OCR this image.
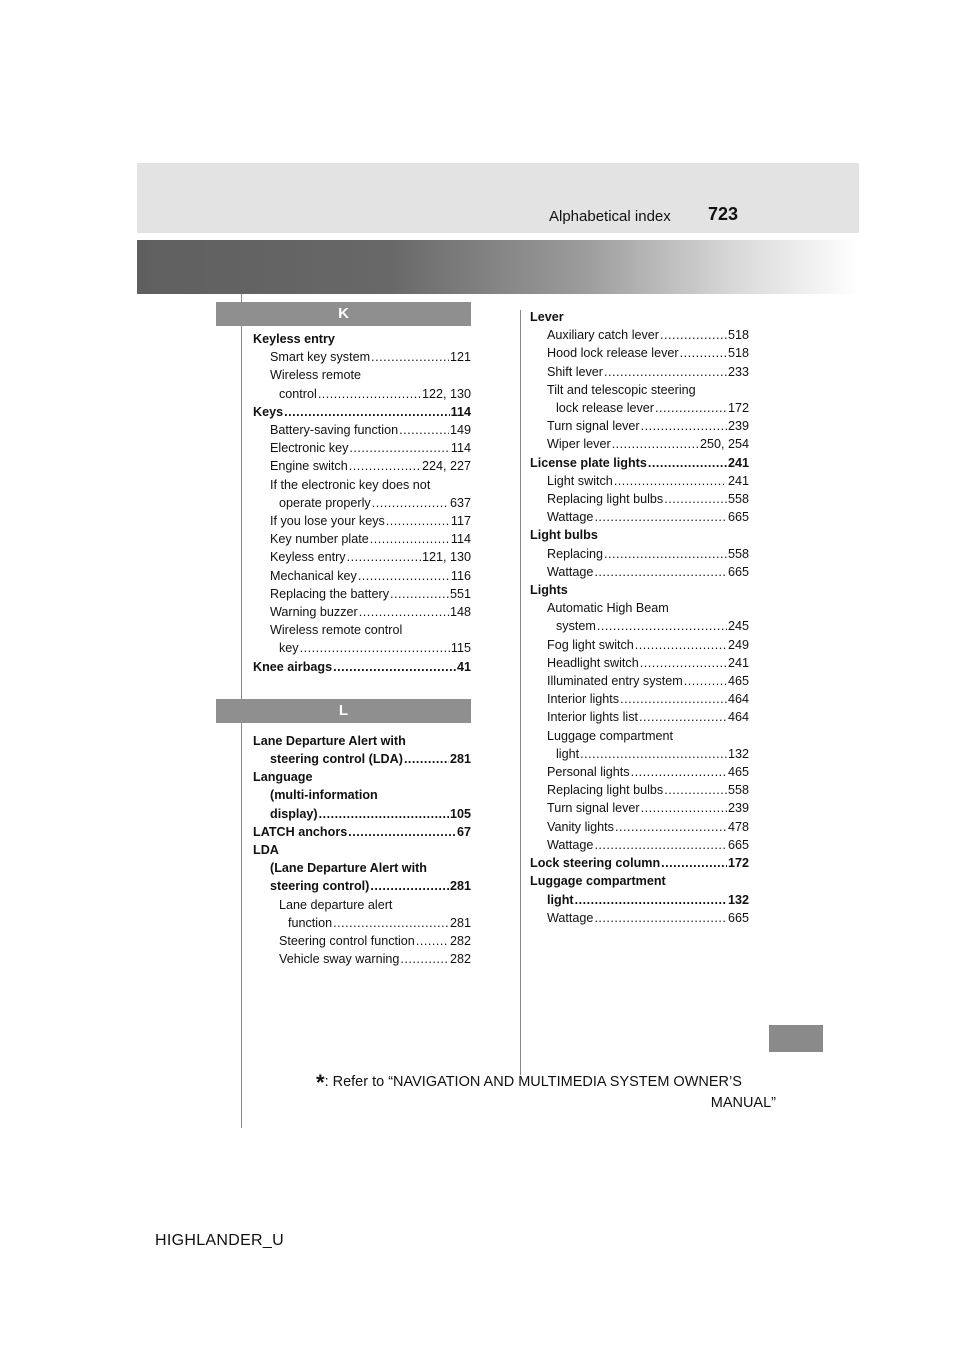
Alphabetical index 723
K
L
Keyless entry
Smart key system .....	121
Wireless remote
control .....	122, 130
Keys .....	114
Battery-saving function .....	149
Electronic key .....	114
Engine switch .....	224, 227
If the electronic key does not
operate properly .....	637
If you lose your keys .....	117
Key number plate .....	114
Keyless entry .....	121, 130
Mechanical key .....	116
Replacing the battery .....	551
Warning buzzer .....	148
Wireless remote control
key .....	115
Knee airbags .....	41
Lane Departure Alert with
steering control (LDA) .....	281
Language
(multi-information
display) .....	105
LATCH anchors .....	67
LDA
(Lane Departure Alert with
steering control) .....	281
Lane departure alert
function .....	281
Steering control function .....	282
Vehicle sway warning .....	282
Lever
Auxiliary catch lever .....	518
Hood lock release lever .....	518
Shift lever .....	233
Tilt and telescopic steering
lock release lever .....	172
Turn signal lever .....	239
Wiper lever .....	250, 254
License plate lights .....	241
Light switch .....	241
Replacing light bulbs .....	558
Wattage .....	665
Light bulbs
Replacing .....	558
Wattage .....	665
Lights
Automatic High Beam
system .....	245
Fog light switch .....	249
Headlight switch .....	241
Illuminated entry system .....	465
Interior lights .....	464
Interior lights list .....	464
Luggage compartment
light .....	132
Personal lights .....	465
Replacing light bulbs .....	558
Turn signal lever .....	239
Vanity lights .....	478
Wattage .....	665
Lock steering column .....	172
Luggage compartment
light .....	132
Wattage .....	665
*: Refer to “NAVIGATION AND MULTIMEDIA SYSTEM OWNER’S
MANUAL”
HIGHLANDER_U
